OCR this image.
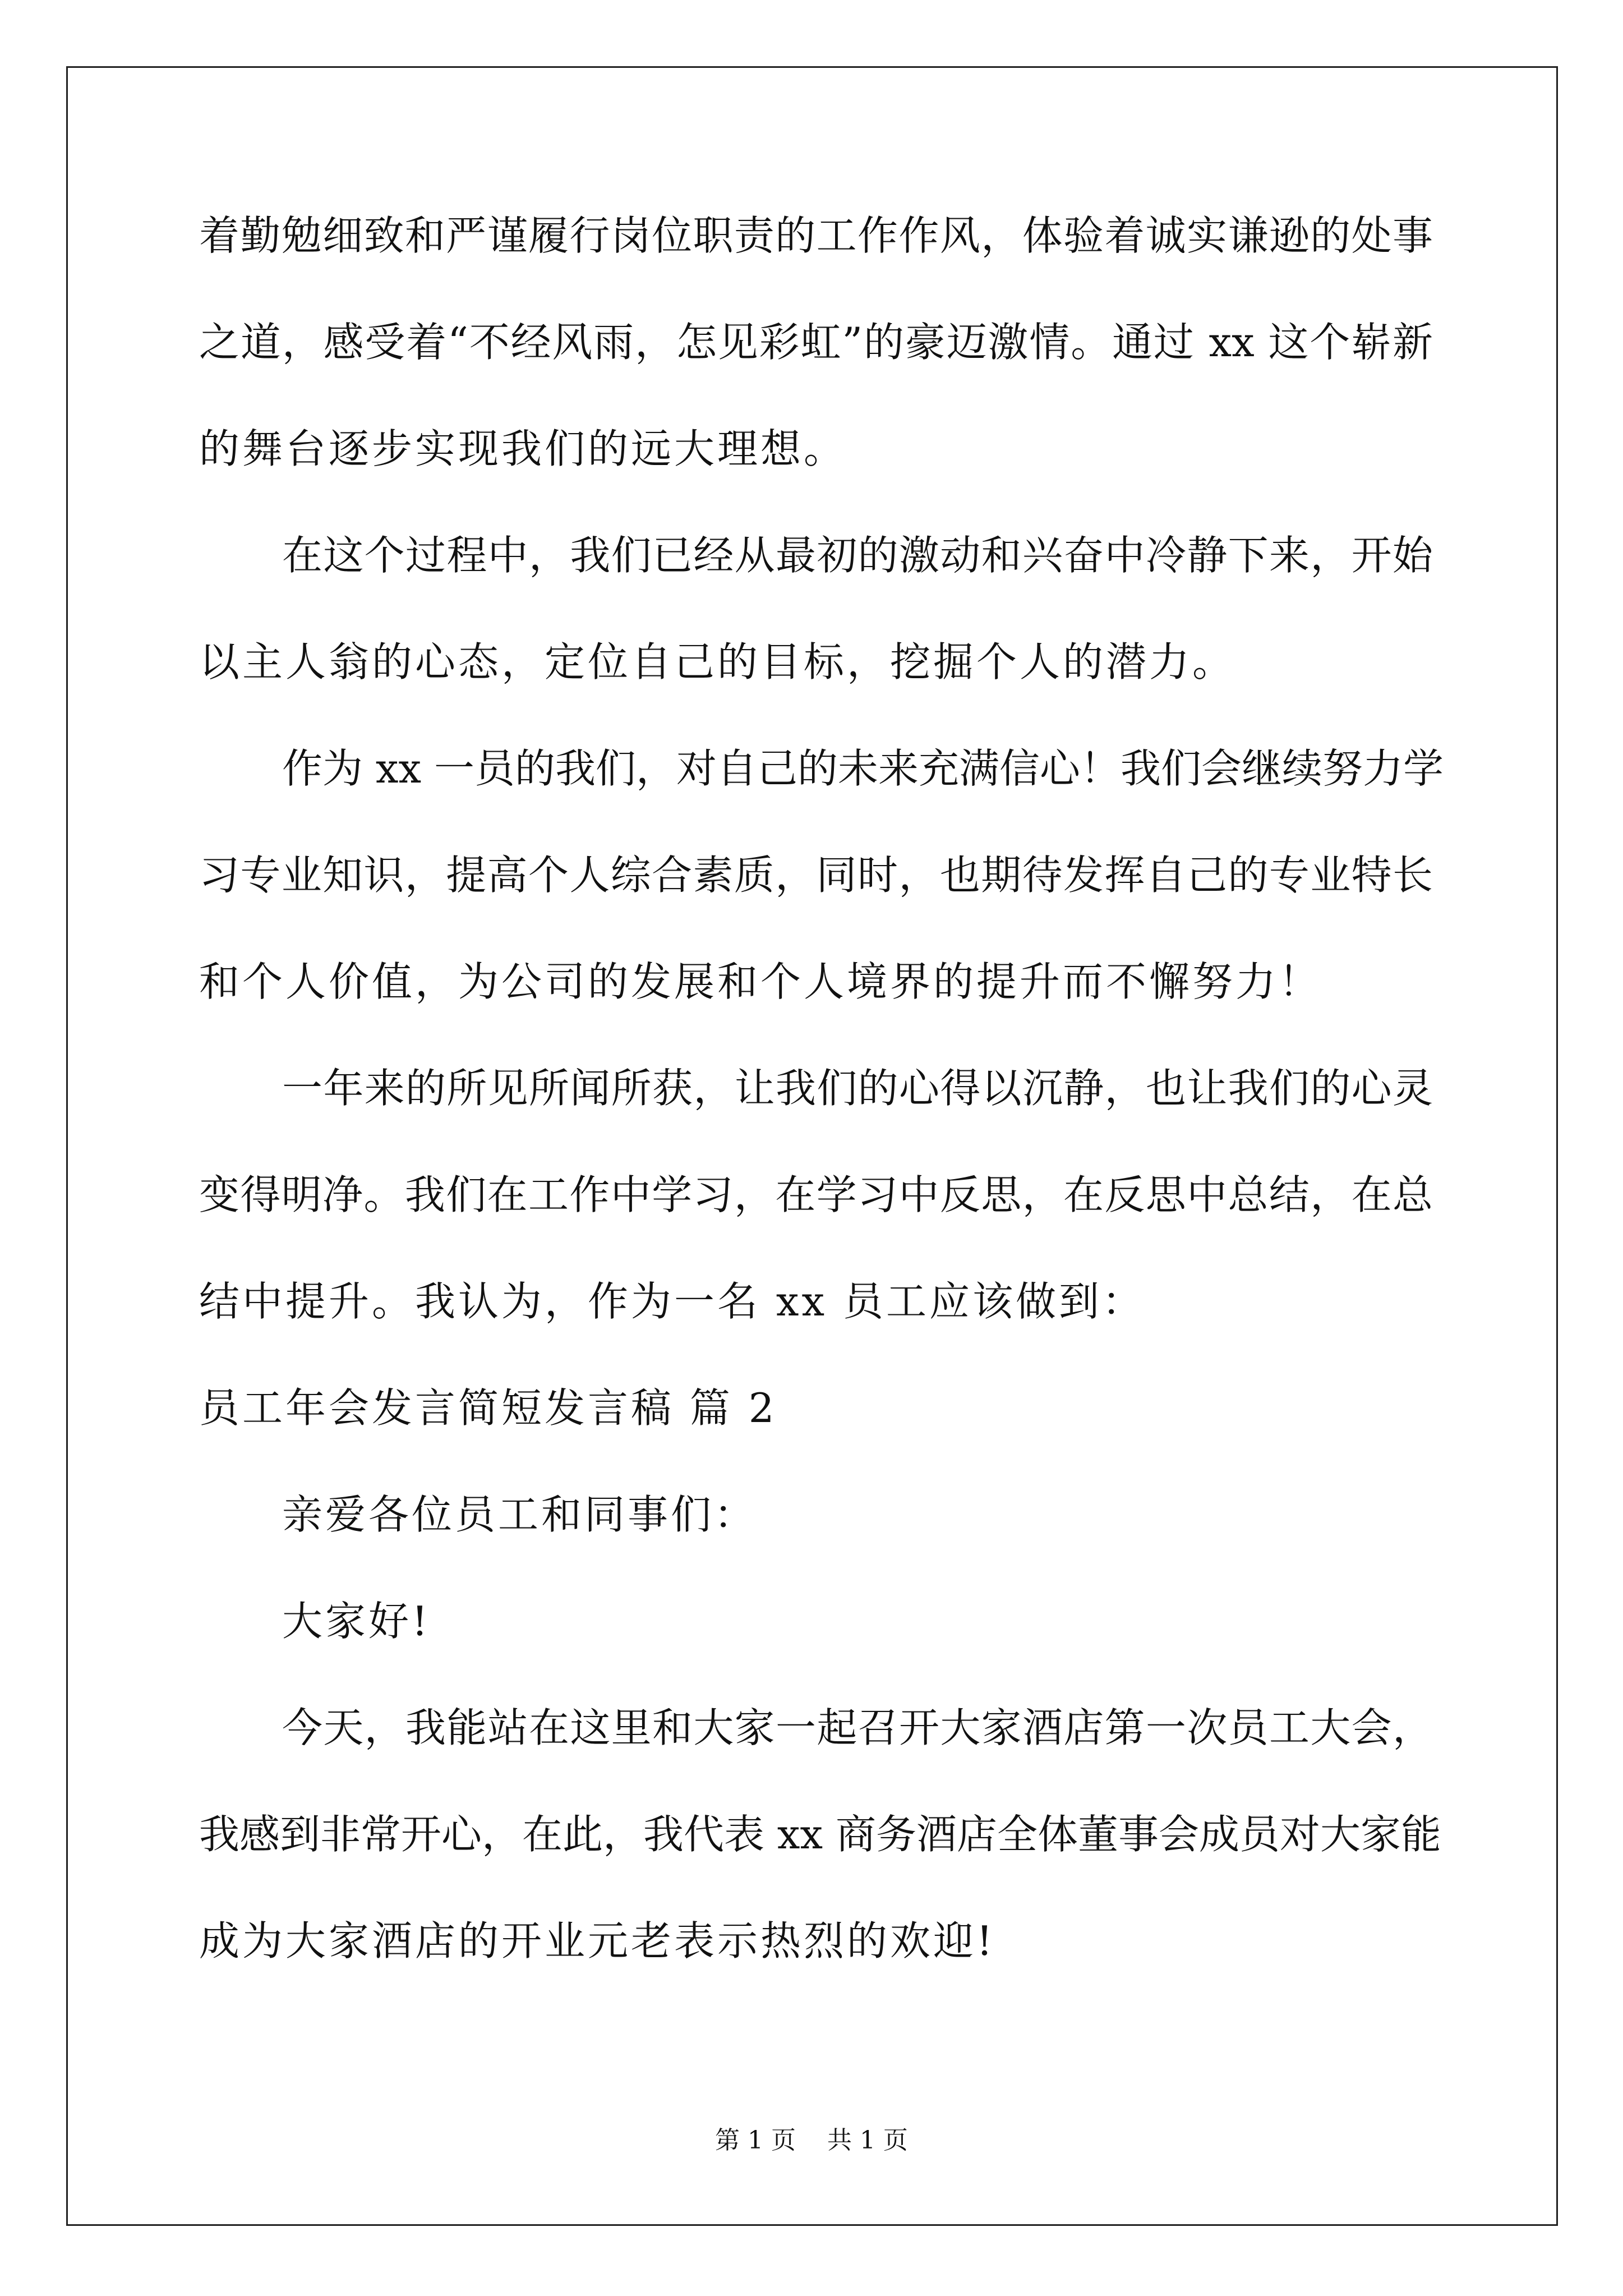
着勤勉细致和严谨履行岗位职责的工作作风，体验着诚实谦逊的处事
之道，感受着“不经风雨，怎见彩虹”的豪迈激情。通过 xx 这个崭新
的舞台逐步实现我们的远大理想。
在这个过程中，我们已经从最初的激动和兴奋中冷静下来，开始
以主人翁的心态，定位自己的目标，挖掘个人的潜力。
作为 xx 一员的我们，对自己的未来充满信心！我们会继续努力学
习专业知识，提高个人综合素质，同时，也期待发挥自己的专业特长
和个人价值，为公司的发展和个人境界的提升而不懈努力！
一年来的所见所闻所获，让我们的心得以沉静，也让我们的心灵
变得明净。我们在工作中学习，在学习中反思，在反思中总结，在总
结中提升。我认为，作为一名 xx 员工应该做到：
员工年会发言简短发言稿 篇 2
亲爱各位员工和同事们：
大家好!
今天，我能站在这里和大家一起召开大家酒店第一次员工大会，
我感到非常开心，在此，我代表 xx 商务酒店全体董事会成员对大家能
成为大家酒店的开业元老表示热烈的欢迎!
第 1 页    共 1 页
